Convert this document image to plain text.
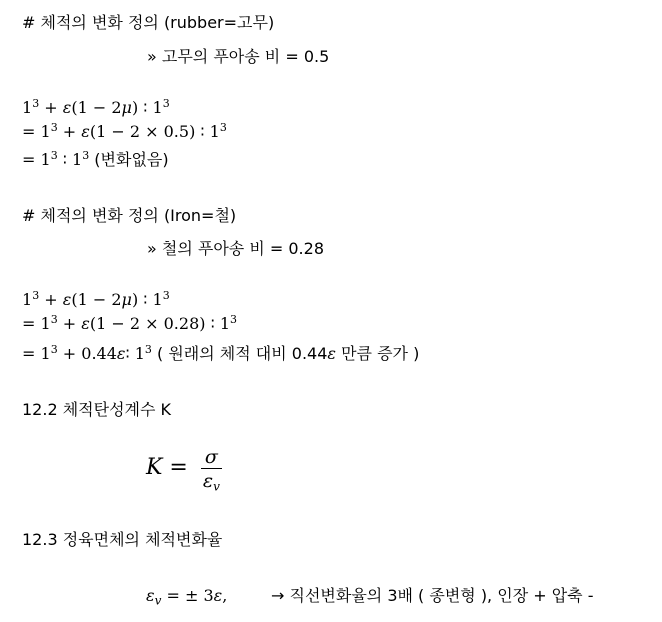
# 체적의 변화 정의 (rubber=고무)
» 고무의 푸아송 비 = 0.5
$1^3 + \varepsilon(1 - 2\mu)$ ∶ $1^3$
= $1^3 + \varepsilon(1 - 2 \times 0.5)$ ∶ $1^3$
= $1^3$ ∶ $1^3$ (변화없음)
# 체적의 변화 정의 (Iron=철)
» 철의 푸아송 비 = 0.28
$1^3 + \varepsilon(1 - 2\mu)$ ∶ $1^3$
= $1^3 + \varepsilon(1 - 2 \times 0.28)$ ∶ $1^3$
= $1^3$ + 0.44ε∶ $1^3$ ( 원래의 체적 대비 0.44ε 만큼 증가 )
12.2 체적탄성계수 K
$K = \frac{\sigma}{\varepsilon_v}$
12.3 정육면체의 체적변화율
$\varepsilon_v$ = ± 3ε,	→ 직선변화율의 3배 ( 종변형 ), 인장 + 압축 -
